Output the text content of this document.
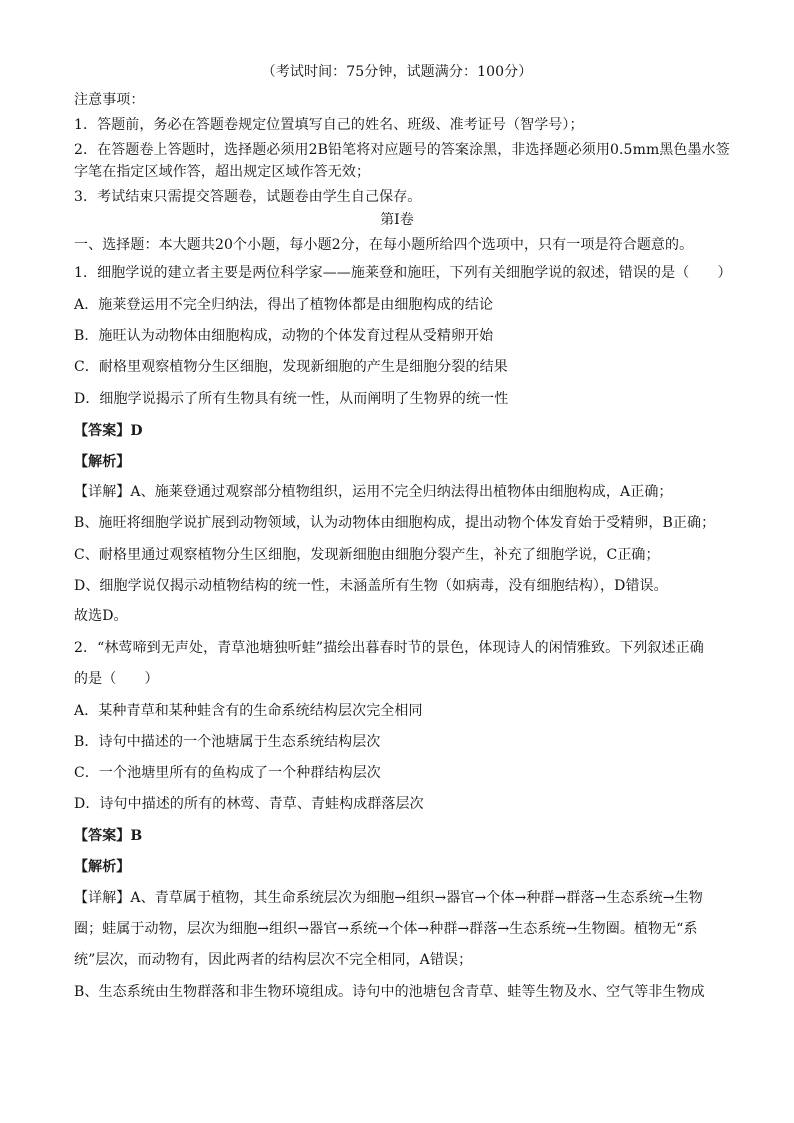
（考试时间：75分钟，试题满分：100分）
注意事项：
1．答题前，务必在答题卷规定位置填写自己的姓名、班级、准考证号（智学号）；
2．在答题卷上答题时，选择题必须用2B铅笔将对应题号的答案涂黑，非选择题必须用0.5mm黑色墨水签
字笔在指定区域作答，超出规定区域作答无效；
3．考试结束只需提交答题卷，试题卷由学生自己保存。
第Ⅰ卷
一、选择题：本大题共20个小题，每小题2分，在每小题所给四个选项中，只有一项是符合题意的。
1．细胞学说的建立者主要是两位科学家——施莱登和施旺，下列有关细胞学说的叙述，错误的是（　　）
A．施莱登运用不完全归纳法，得出了植物体都是由细胞构成的结论
B．施旺认为动物体由细胞构成，动物的个体发育过程从受精卵开始
C．耐格里观察植物分生区细胞，发现新细胞的产生是细胞分裂的结果
D．细胞学说揭示了所有生物具有统一性，从而阐明了生物界的统一性
【答案】D
【解析】
【详解】A、施莱登通过观察部分植物组织，运用不完全归纳法得出植物体由细胞构成，A正确；
B、施旺将细胞学说扩展到动物领域，认为动物体由细胞构成，提出动物个体发育始于受精卵，B正确；
C、耐格里通过观察植物分生区细胞，发现新细胞由细胞分裂产生，补充了细胞学说，C正确；
D、细胞学说仅揭示动植物结构的统一性，未涵盖所有生物（如病毒，没有细胞结构），D错误。
故选D。
2．“林莺啼到无声处，青草池塘独听蛙”描绘出暮春时节的景色，体现诗人的闲情雅致。下列叙述正确
的是（　　）
A．某种青草和某种蛙含有的生命系统结构层次完全相同
B．诗句中描述的一个池塘属于生态系统结构层次
C．一个池塘里所有的鱼构成了一个种群结构层次
D．诗句中描述的所有的林莺、青草、青蛙构成群落层次
【答案】B
【解析】
【详解】A、青草属于植物，其生命系统层次为细胞→组织→器官→个体→种群→群落→生态系统→生物
圈；蛙属于动物，层次为细胞→组织→器官→系统→个体→种群→群落→生态系统→生物圈。植物无“系
统”层次，而动物有，因此两者的结构层次不完全相同，A错误；
B、生态系统由生物群落和非生物环境组成。诗句中的池塘包含青草、蛙等生物及水、空气等非生物成
